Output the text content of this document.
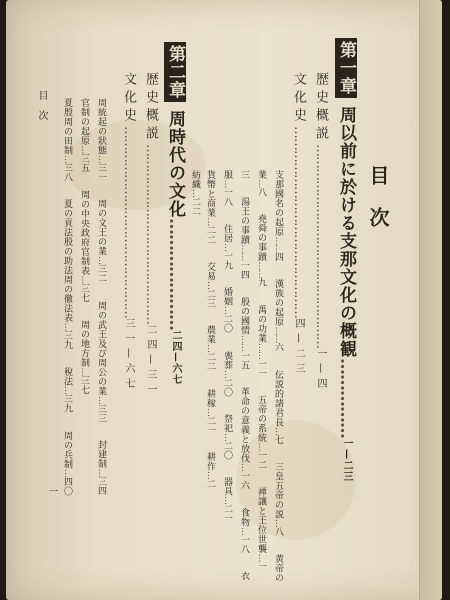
目次
第一章周以前に於ける支那文化の概観……………一—二三
歴史概説……………………………………………一—四
文化史…………………………………………四—二三
支那國名の起原……四 漢族の起原……六 伝説的諸君長…七 三皇五帝の説…八 黄帝の
業…八 堯舜の事蹟……九 禹の功業……一一 五帝の系統…一二 禅讓と王位世襲…一
三 湯王の事蹟……一四 殷の國情……一五 革命の意義と放伐…一六 食物…一八 衣
服…一八 住居…一九 婚姻…二〇 喪葬…二〇 祭祀…二〇 器具…二一
貨幣と商業…二二 交易…二三 農業…二二 耕稼…二一 耕作…二
紡織…二二
第二章周時代の文化…………………二四—六七
歴史概説………………………………………二四—三一
文化史…………………………………………三一—六七
周統起の狀態…三一 周の文王の業…三二 周の武王及び周公の業…三三 封建制…三四
官制の起原…三五 周の中央政府官制表…三七 周の地方制…三七
夏殷周の田制…三八 夏の貢法殷の助法周の徹法表…三九 稅法…三九 周の兵制…四〇
目次
一
